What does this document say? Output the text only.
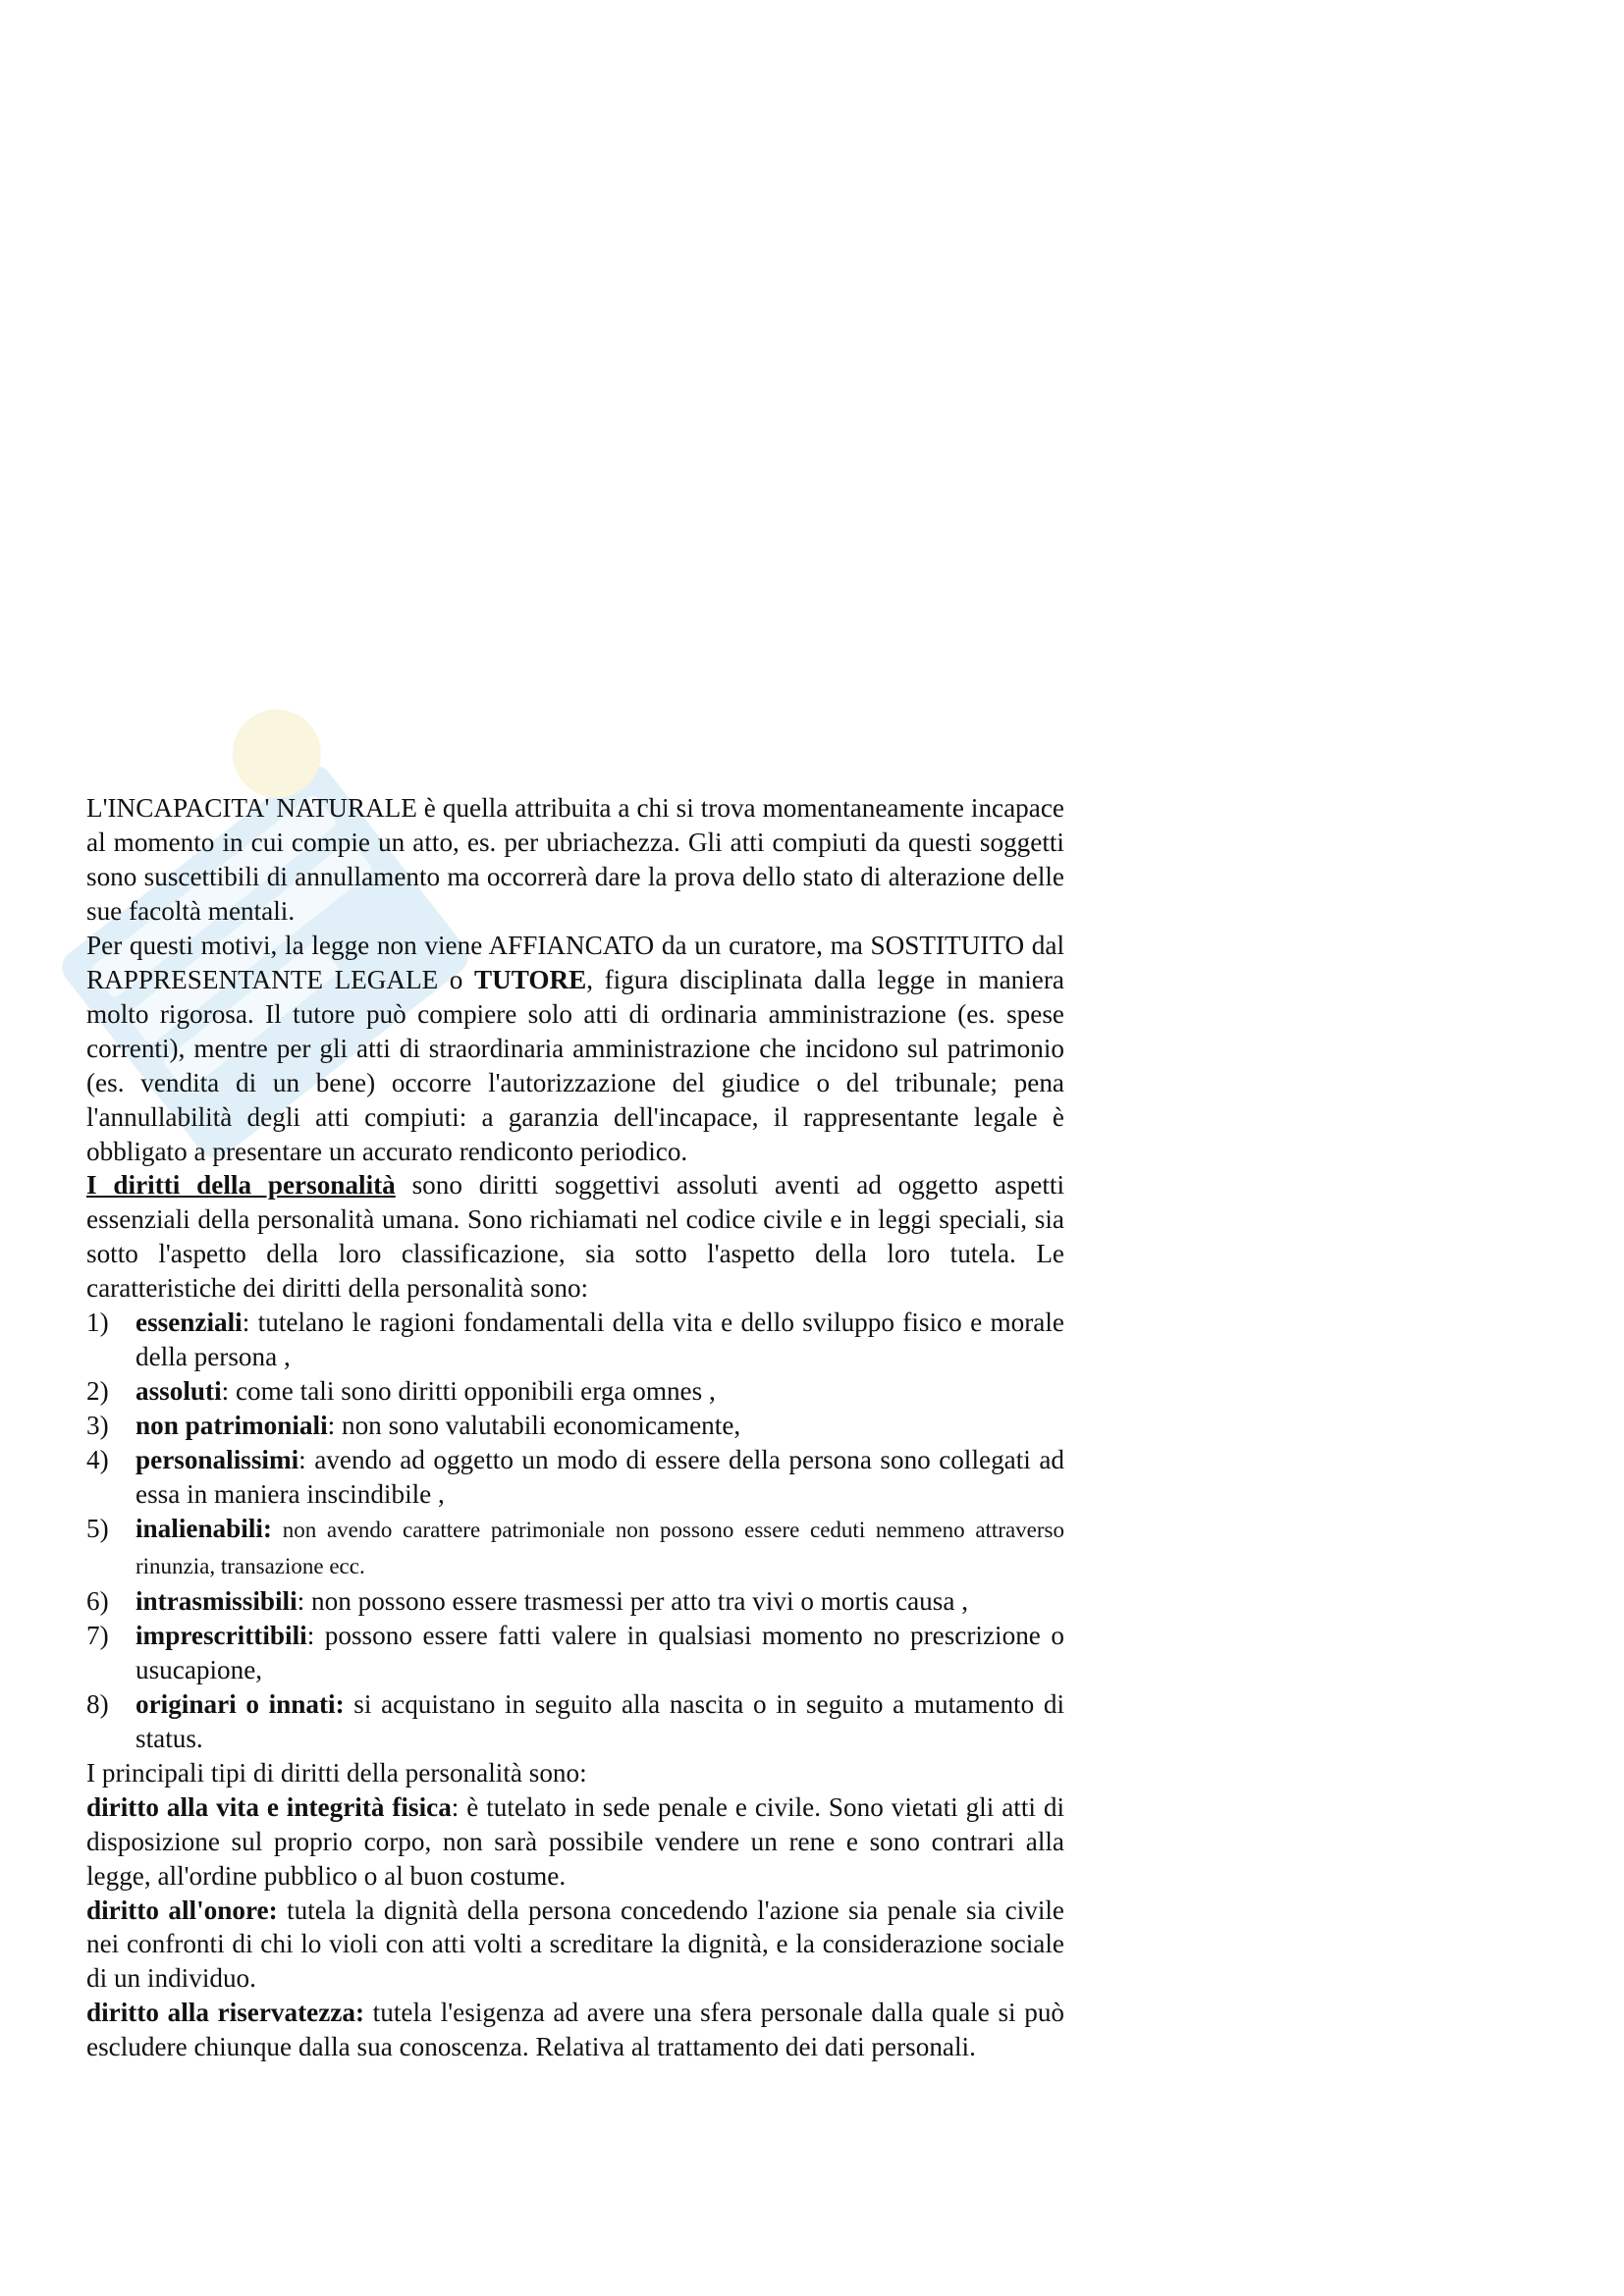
L'INCAPACITA' NATURALE è quella attribuita a chi si trova momentaneamente incapace al momento in cui compie un atto, es. per ubriachezza. Gli atti compiuti da questi soggetti sono suscettibili di annullamento ma occorrerà dare la prova dello stato di alterazione delle sue facoltà mentali.

Per questi motivi, la legge non viene AFFIANCATO da un curatore, ma SOSTITUITO dal RAPPRESENTANTE LEGALE o TUTORE, figura disciplinata dalla legge in maniera molto rigorosa. Il tutore può compiere solo atti di ordinaria amministrazione (es. spese correnti), mentre per gli atti di straordinaria amministrazione che incidono sul patrimonio (es. vendita di un bene) occorre l'autorizzazione del giudice o del tribunale; pena l'annullabilità degli atti compiuti: a garanzia dell'incapace, il rappresentante legale è obbligato a presentare un accurato rendiconto periodico.

I diritti della personalità sono diritti soggettivi assoluti aventi ad oggetto aspetti essenziali della personalità umana. Sono richiamati nel codice civile e in leggi speciali, sia sotto l'aspetto della loro classificazione, sia sotto l'aspetto della loro tutela. Le caratteristiche dei diritti della personalità sono:

1) essenziali: tutelano le ragioni fondamentali della vita e dello sviluppo fisico e morale della persona ,
2) assoluti: come tali sono diritti opponibili erga omnes ,
3) non patrimoniali: non sono valutabili economicamente,
4) personalissimi: avendo ad oggetto un modo di essere della persona sono collegati ad essa in maniera inscindibile ,
5) inalienabili: non avendo carattere patrimoniale non possono essere ceduti nemmeno attraverso rinunzia, transazione ecc.
6) intrasmissibili: non possono essere trasmessi per atto tra vivi o mortis causa ,
7) imprescrittibili: possono essere fatti valere in qualsiasi momento no prescrizione o usucapione,
8) originari o innati: si acquistano in seguito alla nascita o in seguito a mutamento di status.

I principali tipi di diritti della personalità sono:

diritto alla vita e integrità fisica: è tutelato in sede penale e civile. Sono vietati gli atti di disposizione sul proprio corpo, non sarà possibile vendere un rene e sono contrari alla legge, all'ordine pubblico o al buon costume.

diritto all'onore: tutela la dignità della persona concedendo l'azione sia penale sia civile nei confronti di chi lo violi con atti volti a screditare la dignità, e la considerazione sociale di un individuo.

diritto alla riservatezza: tutela l'esigenza ad avere una sfera personale dalla quale si può escludere chiunque dalla sua conoscenza. Relativa al trattamento dei dati personali.
